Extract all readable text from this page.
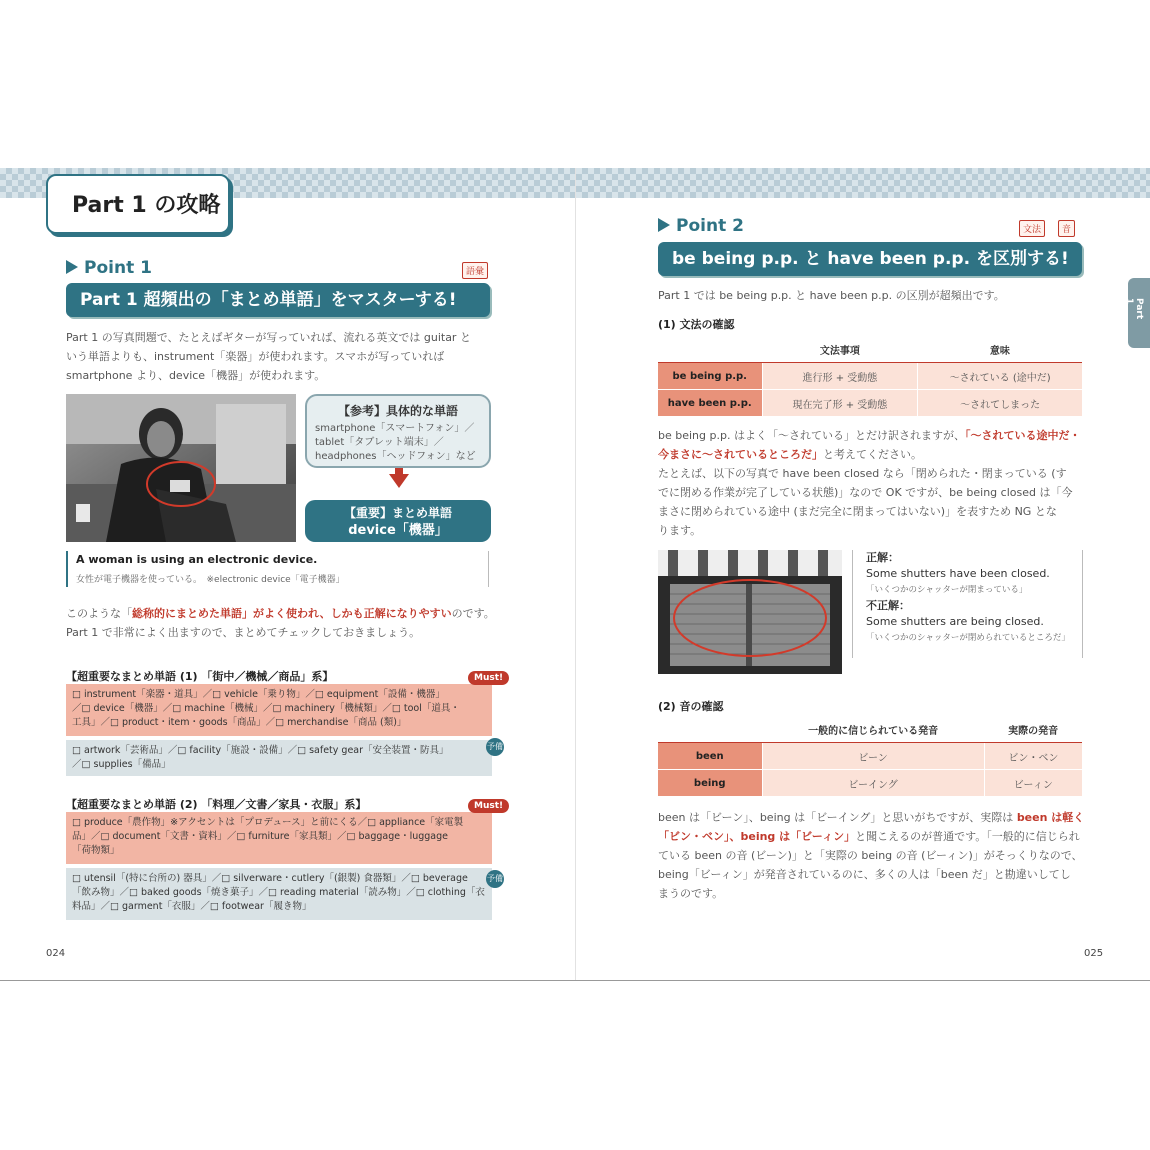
Part 1 の攻略
Point 1	語彙
Part 1 超頻出の「まとめ単語」をマスターする!
Part 1 の写真問題で、たとえばギターが写っていれば、流れる英文では guitar と
いう単語よりも、instrument「楽器」が使われます。スマホが写っていれば
smartphone より、device「機器」が使われます。
【参考】具体的な単語
smartphone「スマートフォン」／
tablet「タブレット端末」／
headphones「ヘッドフォン」など
【重要】まとめ単語
device「機器」
A woman is using an electronic device.
女性が電子機器を使っている。　※electronic device「電子機器」
このような「総称的にまとめた単語」がよく使われ、しかも正解になりやすいのです。
Part 1 で非常によく出ますので、まとめてチェックしておきましょう。
【超重要なまとめ単語 (1) 「街中／機械／商品」系】
□ instrument「楽器・道具」／□ vehicle「乗り物」／□ equipment「設備・機器」
／□ device「機器」／□ machine「機械」／□ machinery「機械類」／□ tool「道具・
工具」／□ product・item・goods「商品」／□ merchandise「商品 (類)」
Must!
□ artwork「芸術品」／□ facility「施設・設備」／□ safety gear「安全装置・防具」
／□ supplies「備品」
予備
【超重要なまとめ単語 (2) 「料理／文書／家具・衣服」系】
□ produce「農作物」※アクセントは「プロデュース」と前にくる／□ appliance「家電製
品」／□ document「文書・資料」／□ furniture「家具類」／□ baggage・luggage
「荷物類」
Must!
□ utensil「(特に台所の) 器具」／□ silverware・cutlery「(銀製) 食器類」／□ beverage
「飲み物」／□ baked goods「焼き菓子」／□ reading material「読み物」／□ clothing「衣
料品」／□ garment「衣服」／□ footwear「履き物」
予備
024
Point 2	文法	音
be being p.p. と have been p.p. を区別する!
Part 1 では be being p.p. と have been p.p. の区別が超頻出です。
(1) 文法の確認
	文法事項	意味
be being p.p.	進行形 + 受動態	～されている (途中だ)
have been p.p.	現在完了形 + 受動態	～されてしまった
be being p.p. はよく「～されている」とだけ訳されますが、「～されている途中だ・
今まさに～されているところだ」と考えてください。
たとえば、以下の写真で have been closed なら「閉められた・閉まっている (す
でに閉める作業が完了している状態)」なので OK ですが、be being closed は「今
まさに閉められている途中 (まだ完全に閉まってはいない)」を表すため NG とな
ります。
正解：
Some shutters have been closed.
「いくつかのシャッターが閉まっている」
不正解：
Some shutters are being closed.
「いくつかのシャッターが閉められているところだ」
(2) 音の確認
	一般的に信じられている発音	実際の発音
been	ビーン	ビン・ベン
being	ビーイング	ビーィン
been は「ビーン」、being は「ビーイング」と思いがちですが、実際は been は軽く
「ビン・ベン」、being は「ビーィン」と聞こえるのが普通です。「一般的に信じられ
ている been の音 (ビーン)」と「実際の being の音 (ビーィン)」がそっくりなので、
being「ビーィン」が発音されているのに、多くの人は「been だ」と勘違いしてし
まうのです。
Part 1
025
